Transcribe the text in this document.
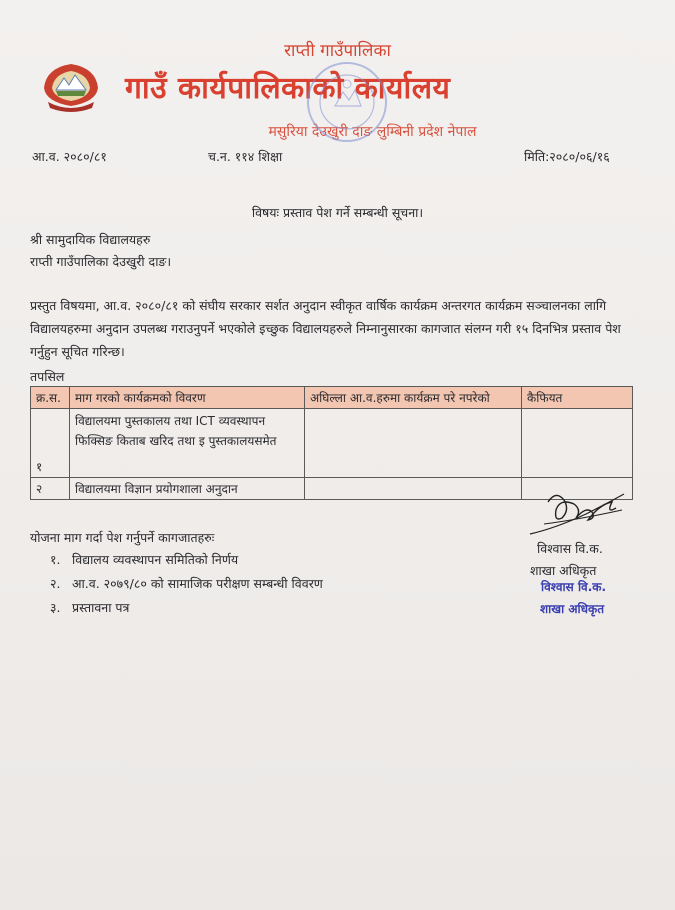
राप्ती गाउँपालिका
गाउँ कार्यपालिकाको कार्यालय
मसुरिया देउखुरी दाङ लुम्बिनी प्रदेश नेपाल
आ.व. २०८०/८१	च.न. ११४ शिक्षा	मिति:२०८०/०६/१६
विषयः प्रस्ताव पेश गर्ने सम्बन्धी सूचना।
श्री सामुदायिक विद्यालयहरु
राप्ती गाउँपालिका देउखुरी दाङ।
प्रस्तुत विषयमा, आ.व. २०८०/८१ को संघीय सरकार सर्शत अनुदान स्वीकृत वार्षिक कार्यक्रम अन्तरगत कार्यक्रम सञ्चालनका लागि विद्यालयहरुमा अनुदान उपलब्ध गराउनुपर्ने भएकोले इच्छुक विद्यालयहरुले निम्नानुसारका कागजात संलग्न गरी १५ दिनभित्र प्रस्ताव पेश गर्नुहुन सूचित गरिन्छ।
तपसिल
क्र.स.	माग गरको कार्यक्रमको विवरण	अघिल्ला आ.व.हरुमा कार्यक्रम परे नपरेको	कैफियत
१	विद्यालयमा पुस्तकालय तथा ICT व्यवस्थापन फिक्सिङ किताब खरिद तथा इ पुस्तकालयसमेत		
२	विद्यालयमा विज्ञान प्रयोगशाला अनुदान		
योजना माग गर्दा पेश गर्नुपर्ने कागजातहरुः
१. विद्यालय व्यवस्थापन समितिको निर्णय
२. आ.व. २०७९/८० को सामाजिक परीक्षण सम्बन्धी विवरण
३. प्रस्तावना पत्र
विश्वास वि.क.
शाखा अधिकृत
विश्वास वि.क.
शाखा अधिकृत
